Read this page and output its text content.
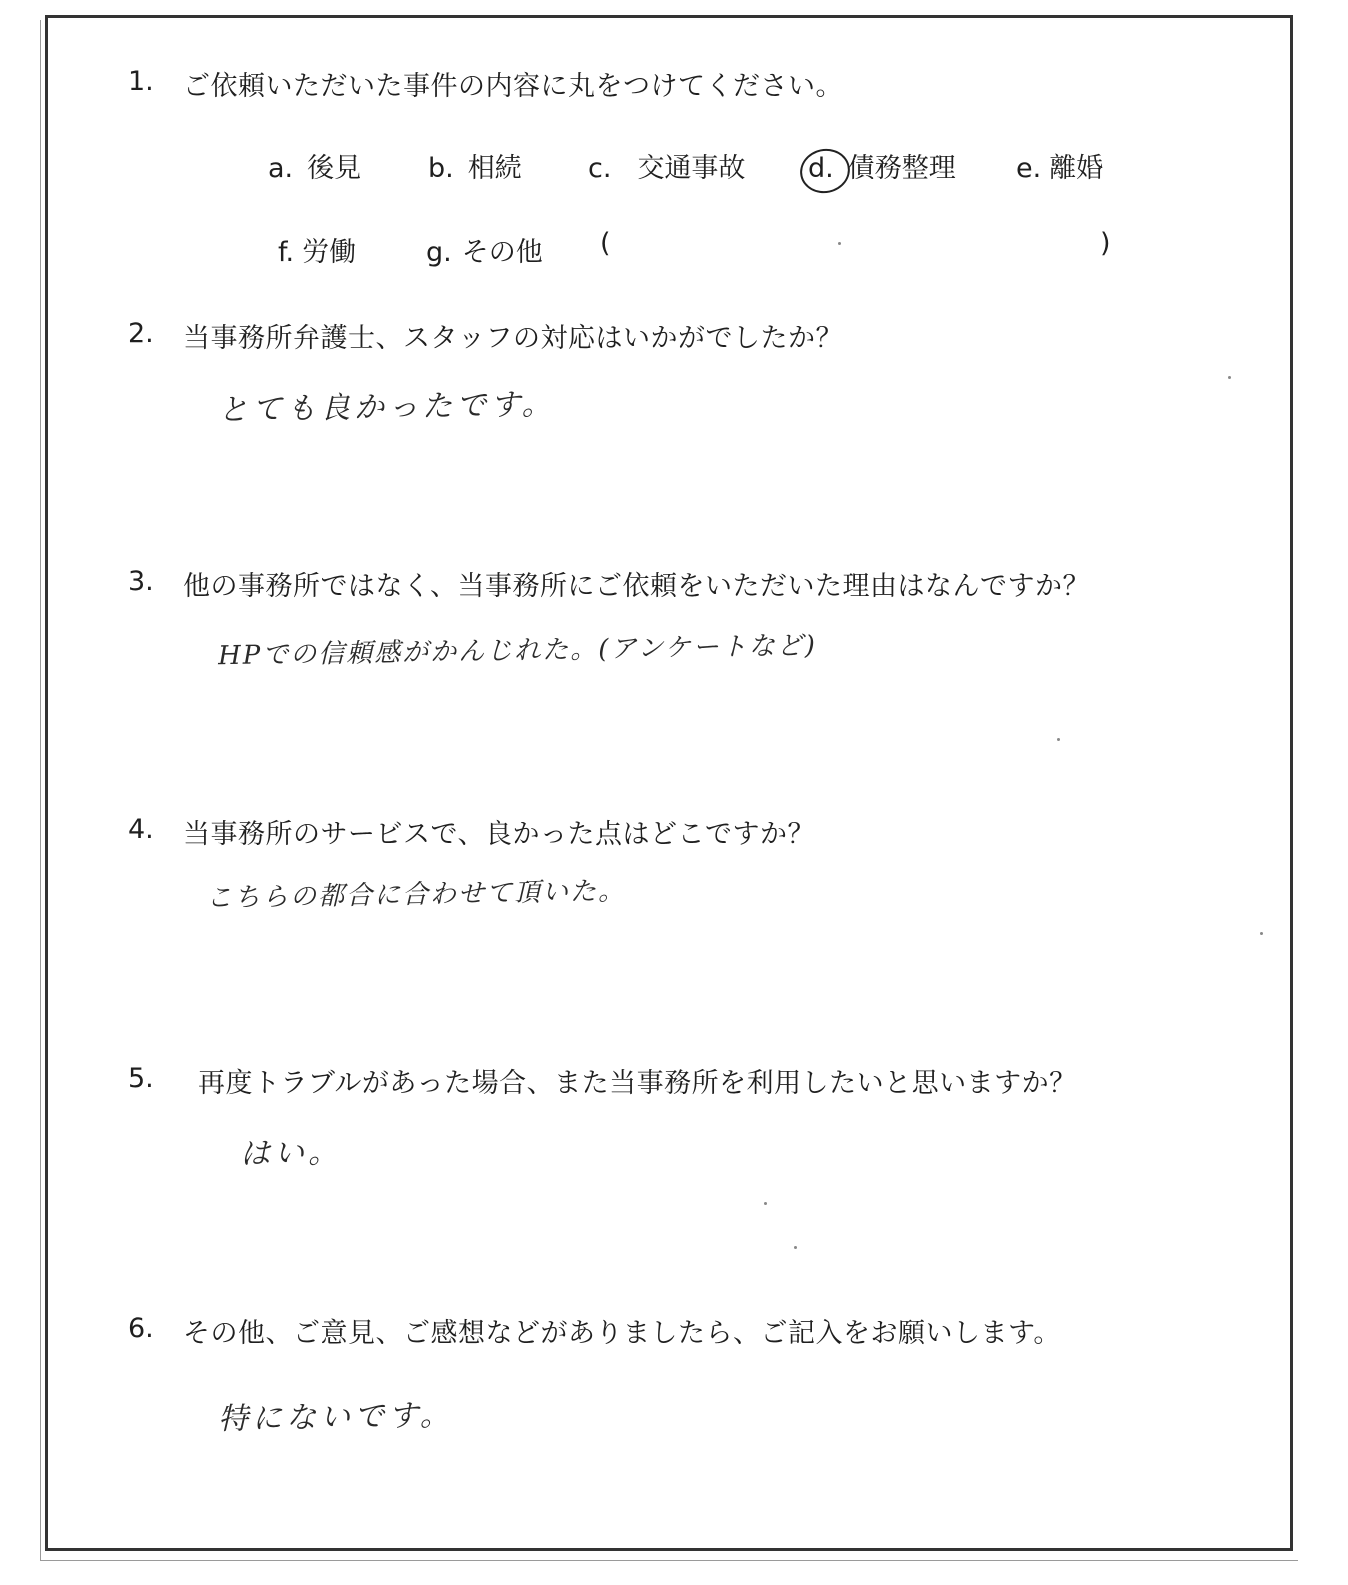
1. ご依頼いただいた事件の内容に丸をつけてください。
a. 後見 b. 相続 c. 交通事故 d. 債務整理 e. 離婚
f. 労働	g. その他 (	)
2. 当事務所弁護士、スタッフの対応はいかがでしたか？
とても良かったです。
3. 他の事務所ではなく、当事務所にご依頼をいただいた理由はなんですか？
HPでの信頼感がかんじれた。(アンケートなど)
4. 当事務所のサービスで、良かった点はどこですか？
こちらの都合に合わせて頂いた。
5. 再度トラブルがあった場合、また当事務所を利用したいと思いますか？
はい。
6. その他、ご意見、ご感想などがありましたら、ご記入をお願いします。
特にないです。
